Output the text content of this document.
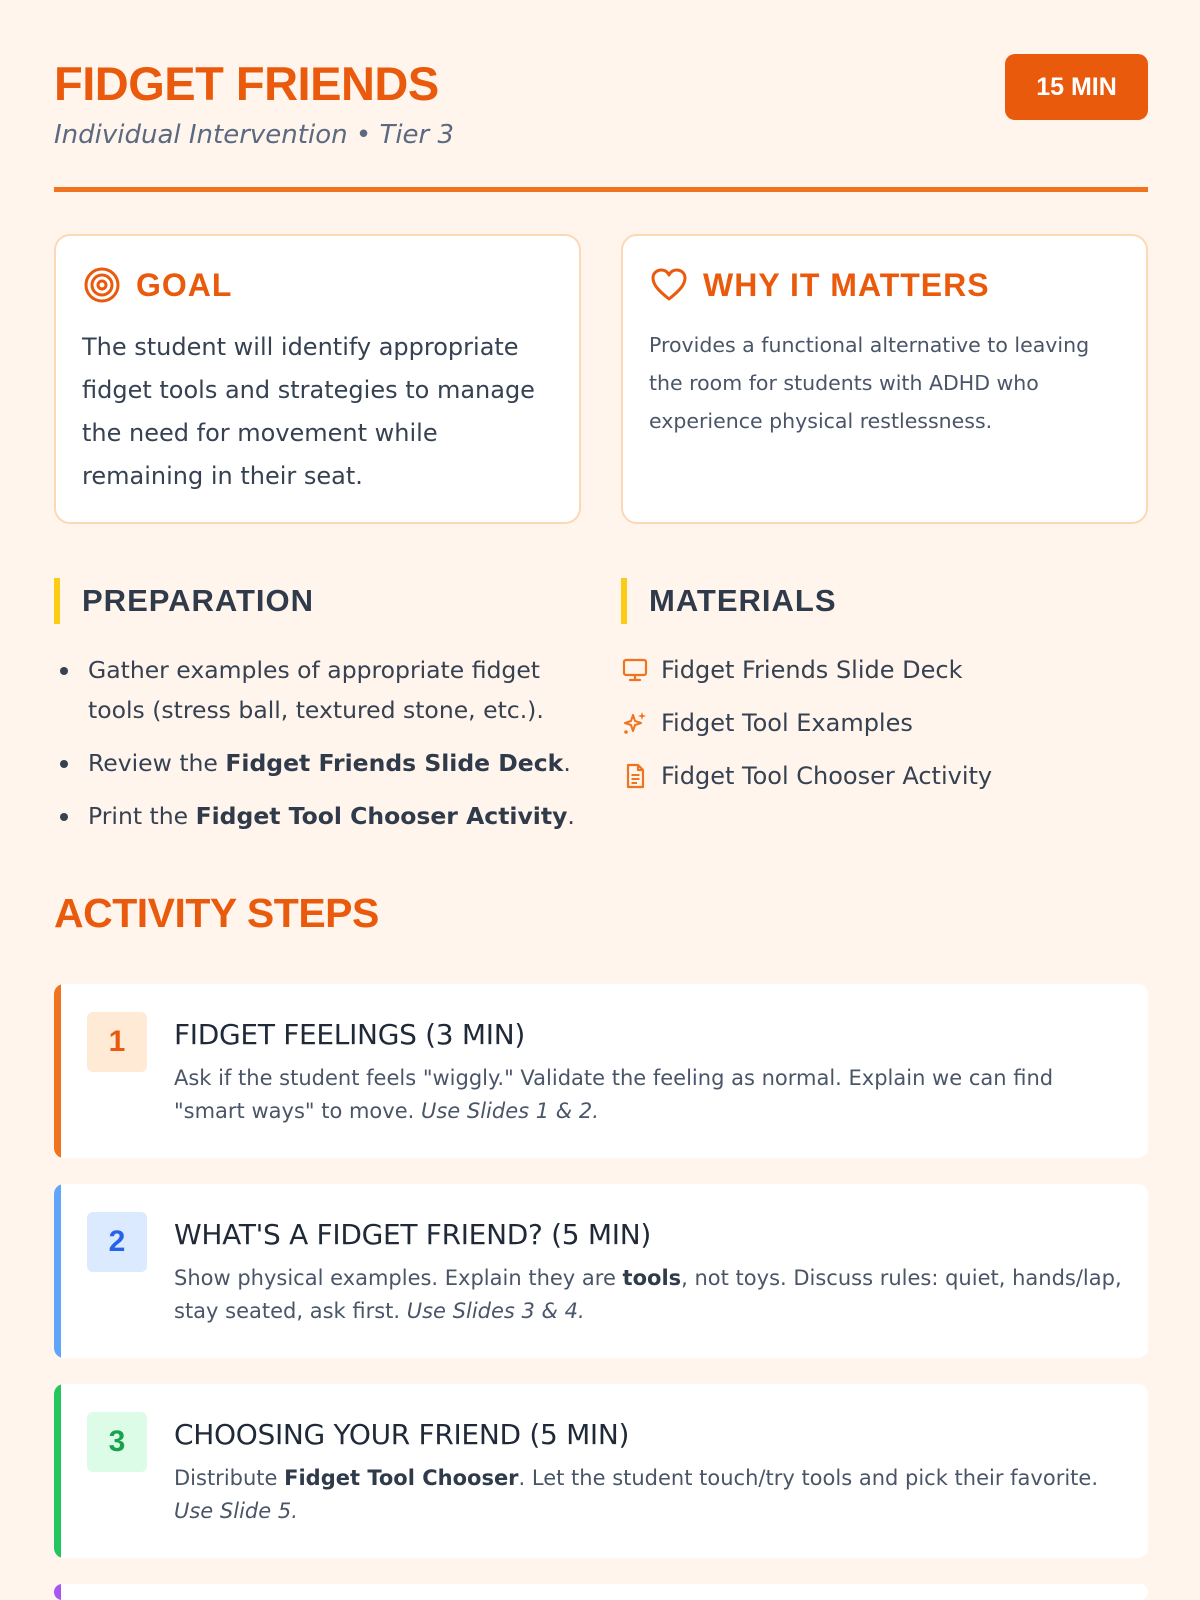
FIDGET FRIENDS
Individual Intervention • Tier 3
15 MIN
GOAL

The student will identify appropriate fidget tools and strategies to manage the need for movement while remaining in their seat.

WHY IT MATTERS

Provides a functional alternative to leaving the room for students with ADHD who experience physical restlessness.

PREPARATION
Gather examples of appropriate fidget tools (stress ball, textured stone, etc.).
Review the Fidget Friends Slide Deck.
Print the Fidget Tool Chooser Activity.
MATERIALS
Fidget Friends Slide Deck
Fidget Tool Examples
Fidget Tool Chooser Activity
ACTIVITY STEPS
1	FIDGET FEELINGS (3 MIN)
Ask if the student feels "wiggly." Validate the feeling as normal. Explain we can find "smart ways" to move. Use Slides 1 & 2.
2	WHAT'S A FIDGET FRIEND? (5 MIN)
Show physical examples. Explain they are tools, not toys. Discuss rules: quiet, hands/lap, stay seated, ask first. Use Slides 3 & 4.
3	CHOOSING YOUR FRIEND (5 MIN)
Distribute Fidget Tool Chooser. Let the student touch/try tools and pick their favorite. Use Slide 5.
